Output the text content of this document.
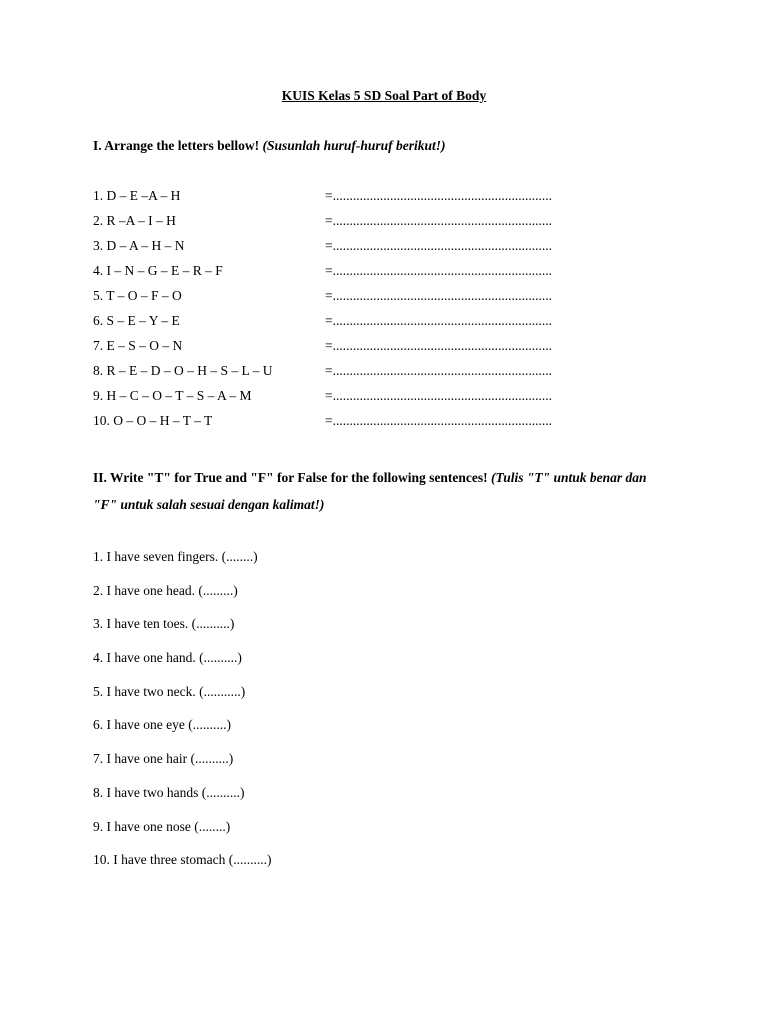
KUIS Kelas 5 SD Soal Part of Body
I. Arrange the letters bellow! (Susunlah huruf-huruf berikut!)
1. D – E –A – H	=.................................................................
2. R –A – I – H	=.................................................................
3. D – A – H – N	=.................................................................
4. I – N – G – E – R – F	=.................................................................
5. T – O – F – O	=.................................................................
6. S – E – Y – E	=.................................................................
7. E – S – O – N	=.................................................................
8. R – E – D – O – H – S – L – U	=.................................................................
9. H – C – O – T – S – A – M	=.................................................................
10. O – O – H – T – T	=.................................................................
II. Write "T" for True and "F" for False for the following sentences! (Tulis "T" untuk benar dan "F" untuk salah sesuai dengan kalimat!)
1. I have seven fingers. (........)
2. I have one head. (.........)
3. I have ten toes. (..........)
4. I have one hand. (..........)
5. I have two neck. (...........)
6. I have one eye (..........)
7. I have one hair (..........)
8. I have two hands (..........)
9. I have one nose (........)
10. I have three stomach (..........)
